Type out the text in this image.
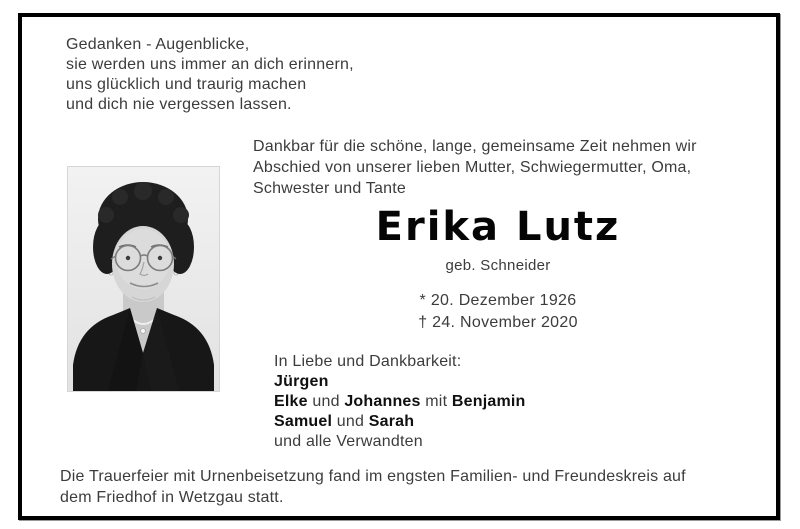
Gedanken - Augenblicke,
sie werden uns immer an dich erinnern,
uns glücklich und traurig machen
und dich nie vergessen lassen.
Dankbar für die schöne, lange, gemeinsame Zeit nehmen wir
Abschied von unserer lieben Mutter, Schwiegermutter, Oma,
Schwester und Tante
Erika Lutz
geb. Schneider
* 20. Dezember 1926
† 24. November 2020
In Liebe und Dankbarkeit:
Jürgen
Elke und Johannes mit Benjamin
Samuel und Sarah
und alle Verwandten
Die Trauerfeier mit Urnenbeisetzung fand im engsten Familien- und Freundeskreis auf
dem Friedhof in Wetzgau statt.
